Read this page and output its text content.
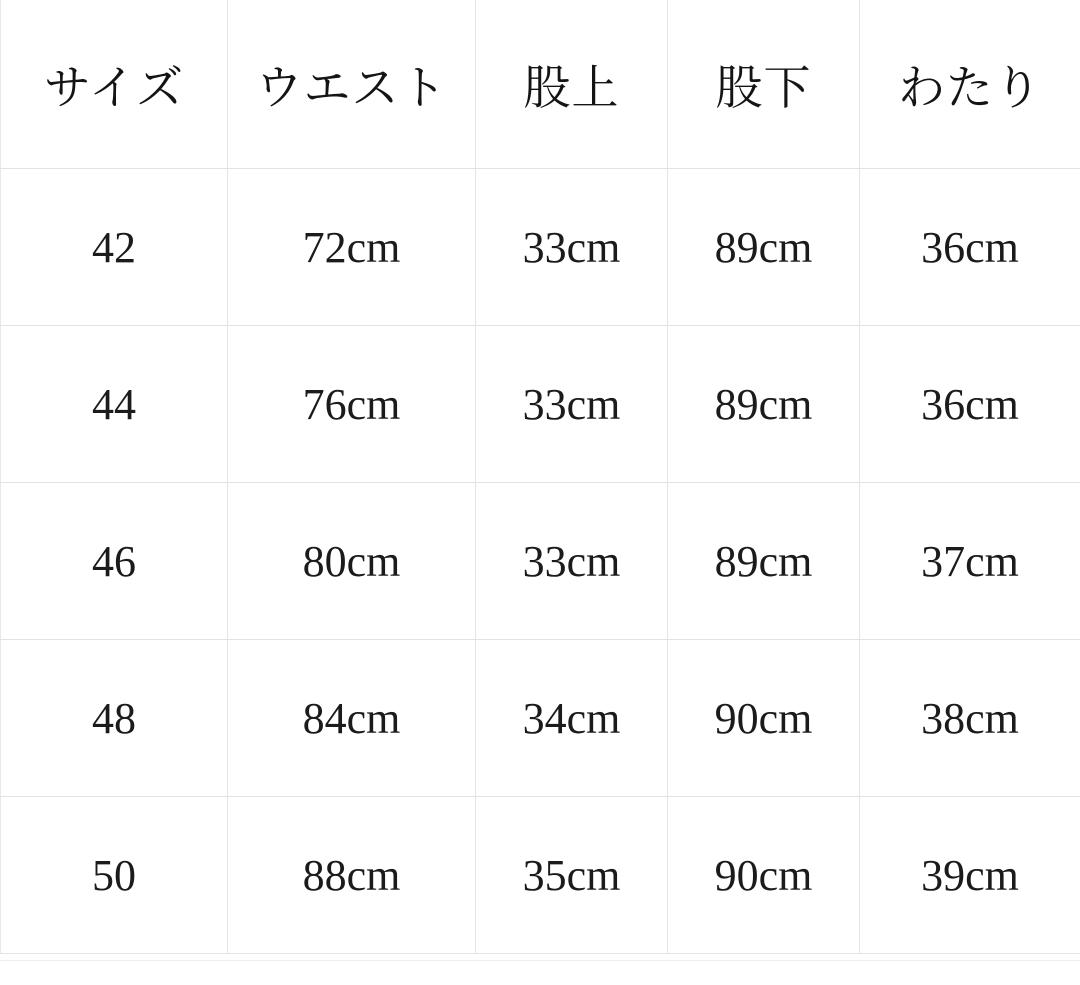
サイズ	ウエスト	股上	股下	わたり
42	72cm	33cm	89cm	36cm
44	76cm	33cm	89cm	36cm
46	80cm	33cm	89cm	37cm
48	84cm	34cm	90cm	38cm
50	88cm	35cm	90cm	39cm
